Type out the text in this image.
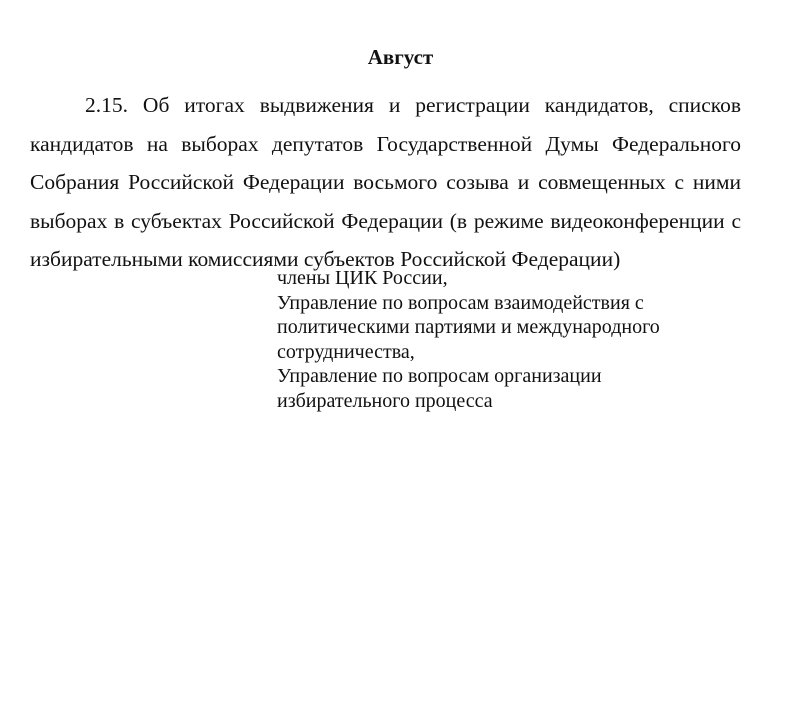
Август
2.15. Об итогах выдвижения и регистрации кандидатов, списков
кандидатов на выборах депутатов Государственной Думы Федерального
Собрания Российской Федерации восьмого созыва и совмещенных с ними
выборах в субъектах Российской Федерации (в режиме видеоконференции с
избирательными комиссиями субъектов Российской Федерации)
члены ЦИК России,
Управление по вопросам взаимодействия с
политическими партиями и международного
сотрудничества,
Управление по вопросам организации
избирательного процесса
